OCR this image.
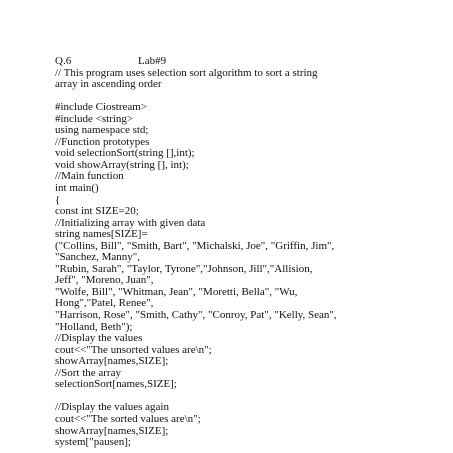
Q.6	Lab#9
// This program uses selection sort algorithm to sort a string
array in ascending order
#include Ciostream>
#include <string>
using namespace std;
//Function prototypes
void selectionSort(string [],int);
void showArray(string [], int);
//Main function
int main()
{
const int SIZE=20;
//Initializing array with given data
string names[SIZE]=
("Collins, Bill", "Smith, Bart", "Michalski, Joe", "Griffin, Jim",
"Sanchez, Manny",
"Rubin, Sarah", "Taylor, Tyrone","Johnson, Jill","Allision,
Jeff", "Moreno, Juan",
"Wolfe, Bill", "Whitman, Jean", "Moretti, Bella", "Wu,
Hong","Patel, Renee",
"Harrison, Rose", "Smith, Cathy", "Conroy, Pat", "Kelly, Sean",
"Holland, Beth");
//Display the values
cout<<"The unsorted values are\n";
showArray[names,SIZE];
//Sort the array
selectionSort[names,SIZE];
//Display the values again
cout<<"The sorted values are\n";
showArray[names,SIZE];
system["pausen];
